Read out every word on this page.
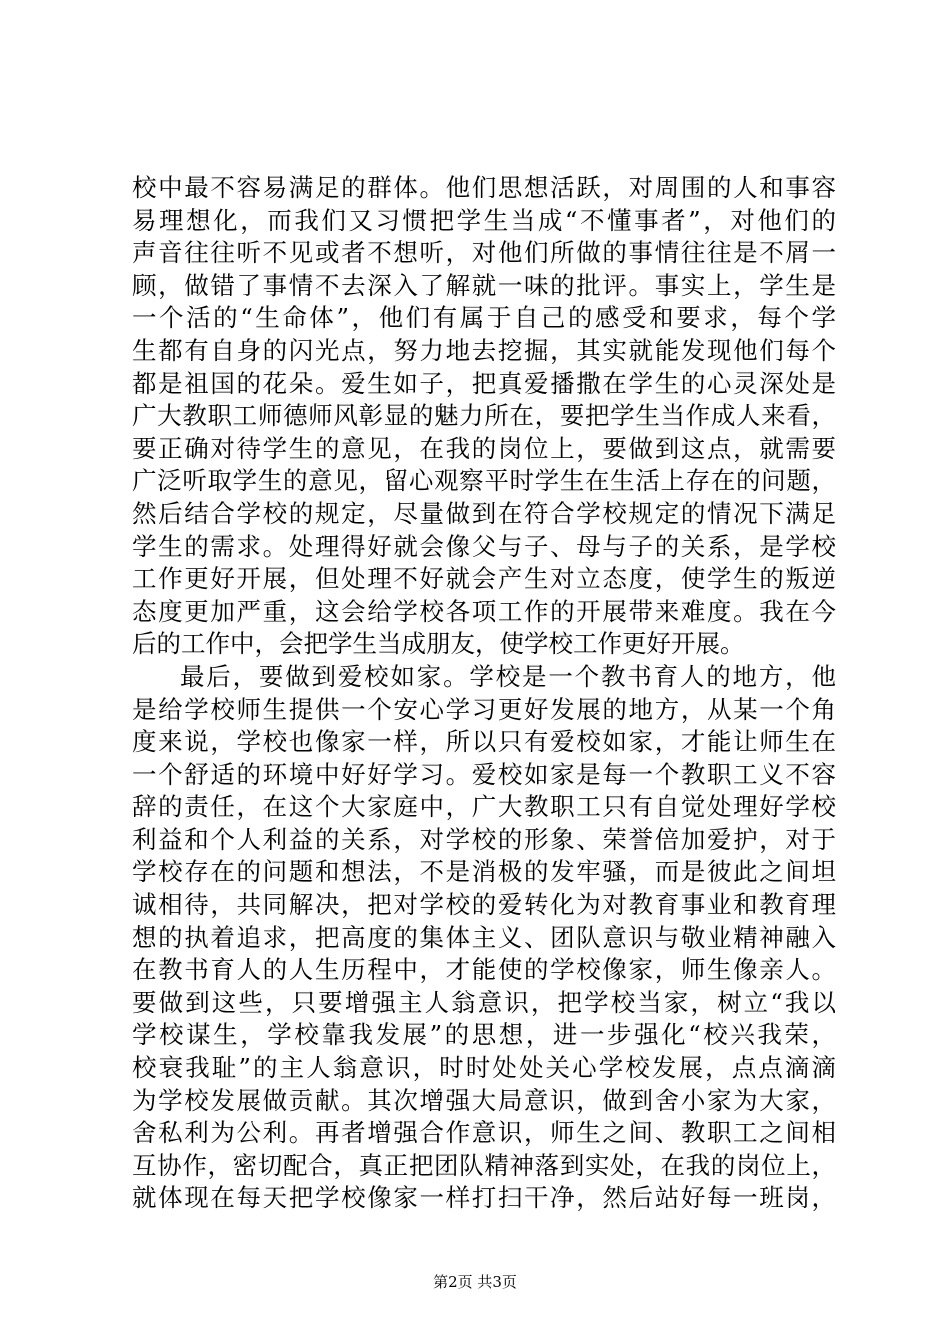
校中最不容易满足的群体。他们思想活跃，对周围的人和事容
易理想化，而我们又习惯把学生当成“不懂事者”，对他们的
声音往往听不见或者不想听，对他们所做的事情往往是不屑一
顾，做错了事情不去深入了解就一味的批评。事实上，学生是
一个活的“生命体”，他们有属于自己的感受和要求，每个学
生都有自身的闪光点，努力地去挖掘，其实就能发现他们每个
都是祖国的花朵。爱生如子，把真爱播撒在学生的心灵深处是
广大教职工师德师风彰显的魅力所在，要把学生当作成人来看，
要正确对待学生的意见，在我的岗位上，要做到这点，就需要
广泛听取学生的意见，留心观察平时学生在生活上存在的问题，
然后结合学校的规定，尽量做到在符合学校规定的情况下满足
学生的需求。处理得好就会像父与子、母与子的关系，是学校
工作更好开展，但处理不好就会产生对立态度，使学生的叛逆
态度更加严重，这会给学校各项工作的开展带来难度。我在今
后的工作中，会把学生当成朋友，使学校工作更好开展。
最后，要做到爱校如家。学校是一个教书育人的地方，他
是给学校师生提供一个安心学习更好发展的地方，从某一个角
度来说，学校也像家一样，所以只有爱校如家，才能让师生在
一个舒适的环境中好好学习。爱校如家是每一个教职工义不容
辞的责任，在这个大家庭中，广大教职工只有自觉处理好学校
利益和个人利益的关系，对学校的形象、荣誉倍加爱护，对于
学校存在的问题和想法，不是消极的发牢骚，而是彼此之间坦
诚相待，共同解决，把对学校的爱转化为对教育事业和教育理
想的执着追求，把高度的集体主义、团队意识与敬业精神融入
在教书育人的人生历程中，才能使的学校像家，师生像亲人。
要做到这些，只要增强主人翁意识，把学校当家，树立“我以
学校谋生，学校靠我发展”的思想，进一步强化“校兴我荣，
校衰我耻”的主人翁意识，时时处处关心学校发展，点点滴滴
为学校发展做贡献。其次增强大局意识，做到舍小家为大家，
舍私利为公利。再者增强合作意识，师生之间、教职工之间相
互协作，密切配合，真正把团队精神落到实处，在我的岗位上，
就体现在每天把学校像家一样打扫干净，然后站好每一班岗，
第2页 共3页
